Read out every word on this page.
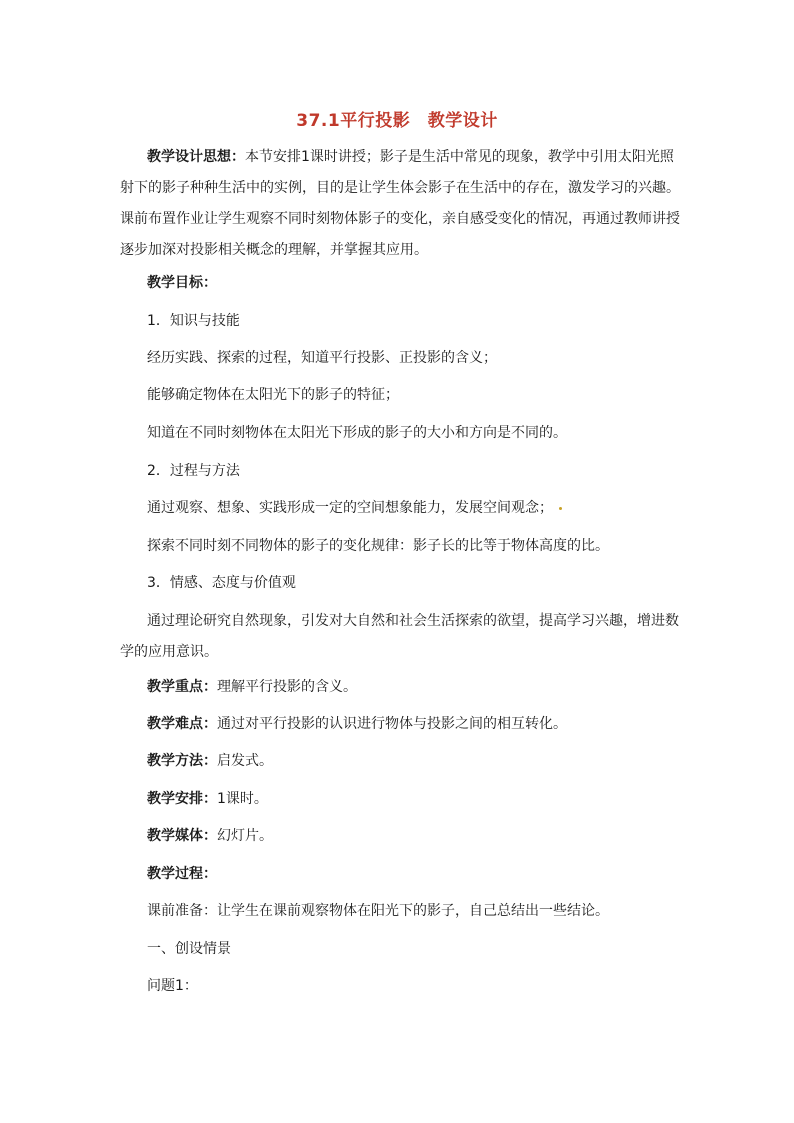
37.1平行投影　教学设计

教学设计思想：本节安排1课时讲授；影子是生活中常见的现象，教学中引用太阳光照射下的影子种种生活中的实例，目的是让学生体会影子在生活中的存在，激发学习的兴趣。课前布置作业让学生观察不同时刻物体影子的变化，亲自感受变化的情况，再通过教师讲授逐步加深对投影相关概念的理解，并掌握其应用。

教学目标：

1．知识与技能

经历实践、探索的过程，知道平行投影、正投影的含义；

能够确定物体在太阳光下的影子的特征；

知道在不同时刻物体在太阳光下形成的影子的大小和方向是不同的。

2．过程与方法

通过观察、想象、实践形成一定的空间想象能力，发展空间观念；

探索不同时刻不同物体的影子的变化规律：影子长的比等于物体高度的比。

3．情感、态度与价值观

通过理论研究自然现象，引发对大自然和社会生活探索的欲望，提高学习兴趣，增进数学的应用意识。

教学重点：理解平行投影的含义。

教学难点：通过对平行投影的认识进行物体与投影之间的相互转化。

教学方法：启发式。

教学安排：1课时。

教学媒体：幻灯片。

教学过程：

课前准备：让学生在课前观察物体在阳光下的影子，自己总结出一些结论。

一、创设情景

问题1：
